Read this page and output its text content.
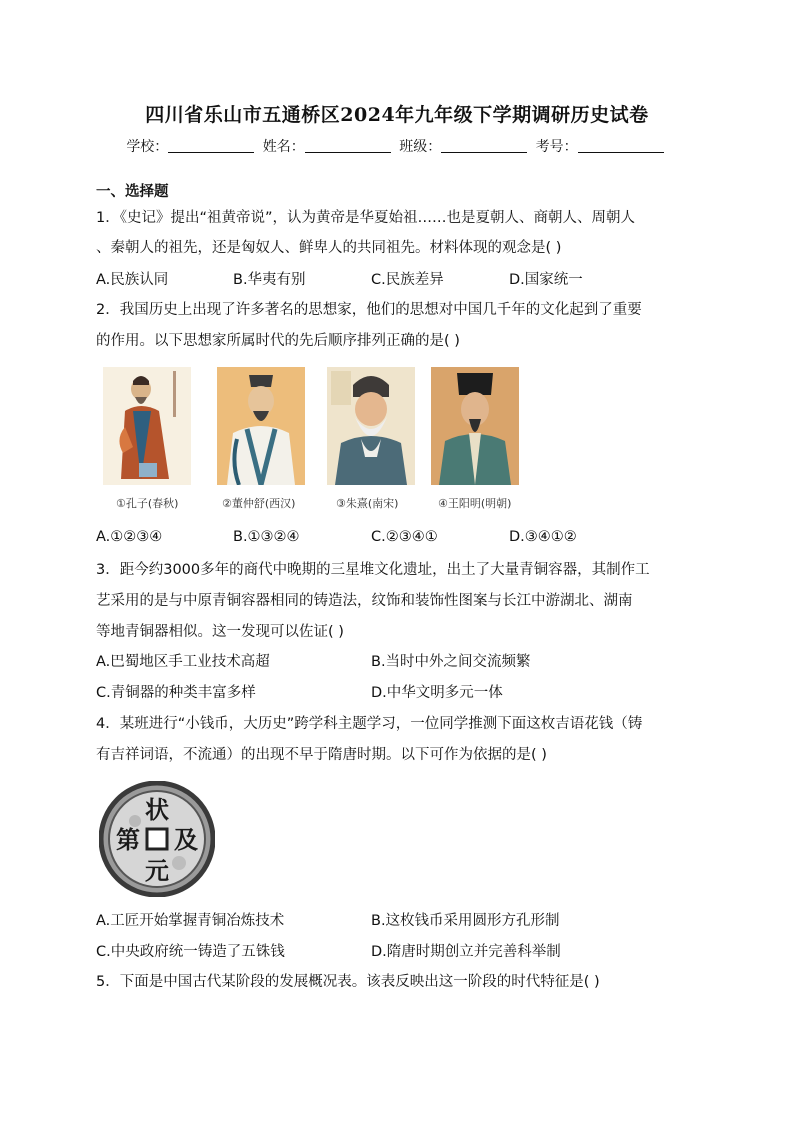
四川省乐山市五通桥区2024年九年级下学期调研历史试卷
学校：	姓名：	班级：	考号：
一、选择题
1．《史记》提出“祖黄帝说”，认为黄帝是华夏始祖……也是夏朝人、商朝人、周朝人
、秦朝人的祖先，还是匈奴人、鲜卑人的共同祖先。材料体现的观念是( )
A.民族认同	B.华夷有别	C.民族差异	D.国家统一
2．我国历史上出现了许多著名的思想家，他们的思想对中国几千年的文化起到了重要
的作用。以下思想家所属时代的先后顺序排列正确的是( )
①孔子(春秋)	②董仲舒(西汉)	③朱熹(南宋)	④王阳明(明朝)
A.①②③④	B.①③②④	C.②③④①	D.③④①②
3．距今约3000多年的商代中晚期的三星堆文化遗址，出土了大量青铜容器，其制作工
艺采用的是与中原青铜容器相同的铸造法，纹饰和装饰性图案与长江中游湖北、湖南
等地青铜器相似。这一发现可以佐证( )
A.巴蜀地区手工业技术高超	B.当时中外之间交流频繁
C.青铜器的种类丰富多样	D.中华文明多元一体
4．某班进行“小钱币，大历史”跨学科主题学习，一位同学推测下面这枚吉语花钱（铸
有吉祥词语，不流通）的出现不早于隋唐时期。以下可作为依据的是( )
状
及
元
第
A.工匠开始掌握青铜冶炼技术	B.这枚钱币采用圆形方孔形制
C.中央政府统一铸造了五铢钱	D.隋唐时期创立并完善科举制
5．下面是中国古代某阶段的发展概况表。该表反映出这一阶段的时代特征是( )
